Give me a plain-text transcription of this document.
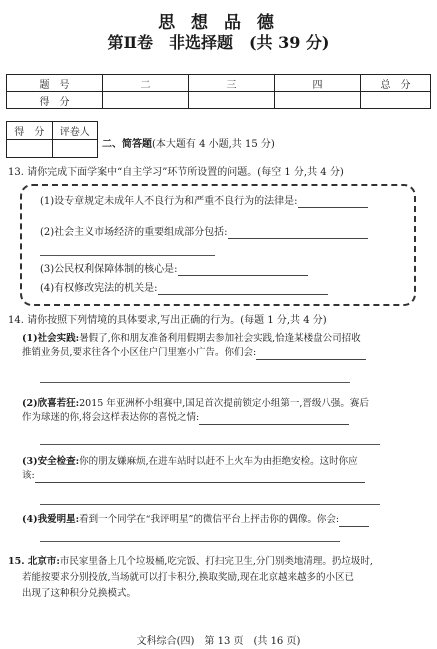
思 想 品 德
第Ⅱ卷　非选择题　(共 39 分)
题　号	二	三	四	总　分
得　分				
得　分	评卷人

二、简答题(本大题有 4 小题,共 15 分)
13. 请你完成下面学案中“自主学习”环节所设置的问题。(每空 1 分,共 4 分)
(1)设专章规定未成年人不良行为和严重不良行为的法律是:
(2)社会主义市场经济的重要组成部分包括:
(3)公民权利保障体制的核心是:
(4)有权修改宪法的机关是:
14. 请你按照下列情境的具体要求,写出正确的行为。(每题 1 分,共 4 分)
(1)社会实践:暑假了,你和朋友准备利用假期去参加社会实践,恰逢某楼盘公司招收
推销业务员,要求往各个小区住户门里塞小广告。你们会:
(2)欣喜若狂:2015 年亚洲杯小组赛中,国足首次提前锁定小组第一,晋级八强。赛后
作为球迷的你,将会这样表达你的喜悦之情:
(3)安全检查:你的朋友嫌麻烦,在进车站时以赶不上火车为由拒绝安检。这时你应
该:
(4)我爱明星:看到一个同学在“我评明星”的微信平台上抨击你的偶像。你会:
15. 北京市:市民家里备上几个垃圾桶,吃完饭、打扫完卫生,分门别类地清理。扔垃圾时,
若能按要求分别投放,当场就可以打卡积分,换取奖励,现在北京越来越多的小区已
出现了这种积分兑换模式。
文科综合(四)　第 13 页　(共 16 页)
